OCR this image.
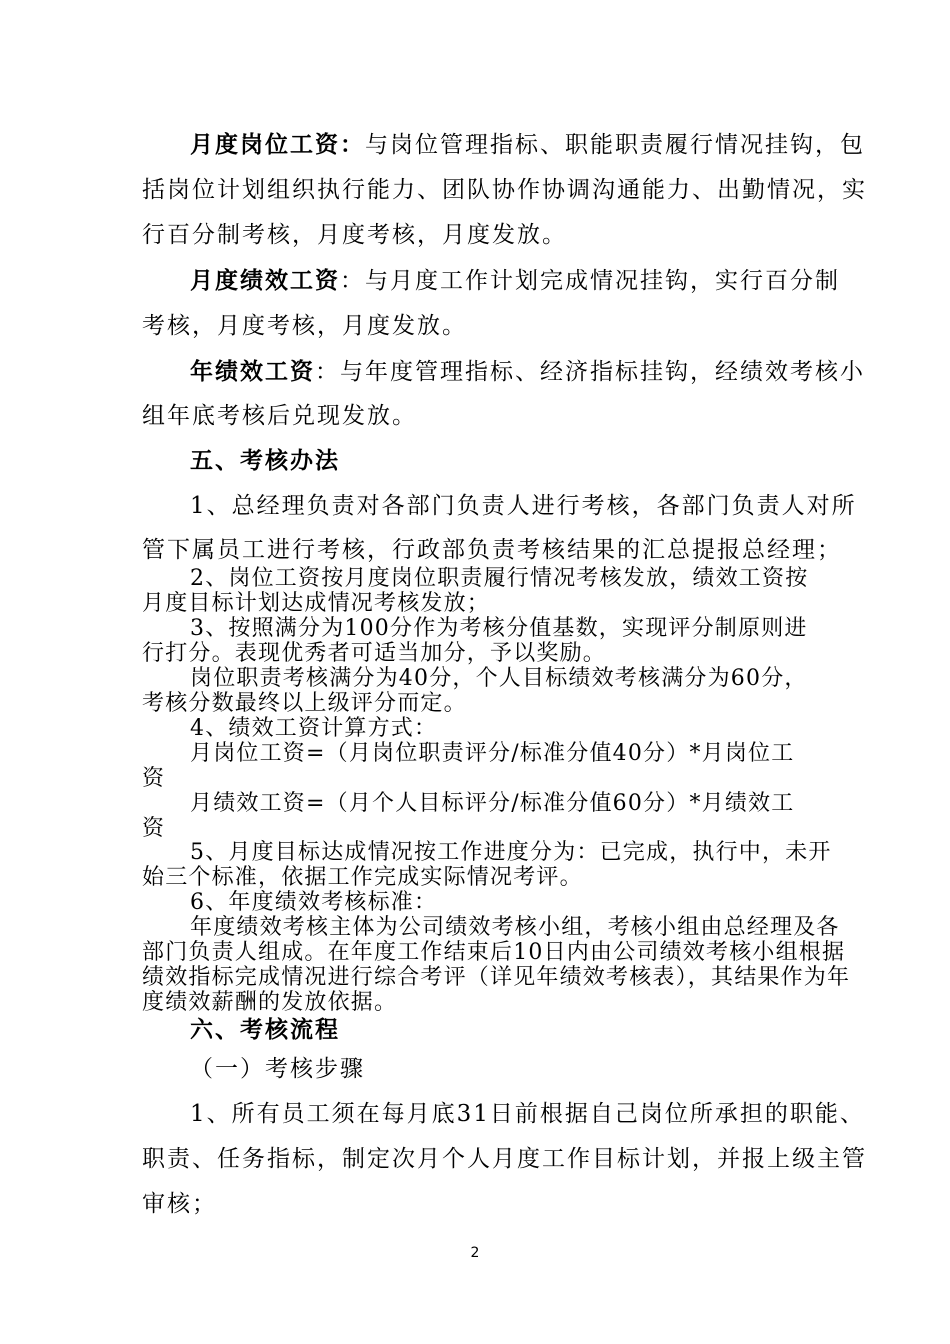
月度岗位工资：与岗位管理指标、职能职责履行情况挂钩，包
括岗位计划组织执行能力、团队协作协调沟通能力、出勤情况，实
行百分制考核，月度考核，月度发放。
月度绩效工资：与月度工作计划完成情况挂钩，实行百分制
考核，月度考核，月度发放。
年绩效工资：与年度管理指标、经济指标挂钩，经绩效考核小
组年底考核后兑现发放。
五、考核办法
1、总经理负责对各部门负责人进行考核，各部门负责人对所
管下属员工进行考核，行政部负责考核结果的汇总提报总经理；
2、岗位工资按月度岗位职责履行情况考核发放，绩效工资按
月度目标计划达成情况考核发放；
3、按照满分为100分作为考核分值基数，实现评分制原则进
行打分。表现优秀者可适当加分，予以奖励。
岗位职责考核满分为40分，个人目标绩效考核满分为60分，
考核分数最终以上级评分而定。
4、绩效工资计算方式：
月岗位工资=（月岗位职责评分/标准分值40分）*月岗位工
资
月绩效工资=（月个人目标评分/标准分值60分）*月绩效工
资
5、月度目标达成情况按工作进度分为：已完成，执行中，未开
始三个标准，依据工作完成实际情况考评。
6、年度绩效考核标准：
年度绩效考核主体为公司绩效考核小组，考核小组由总经理及各
部门负责人组成。在年度工作结束后10日内由公司绩效考核小组根据
绩效指标完成情况进行综合考评（详见年绩效考核表），其结果作为年
度绩效薪酬的发放依据。
六、考核流程
（一）考核步骤
1、所有员工须在每月底31日前根据自己岗位所承担的职能、
职责、任务指标，制定次月个人月度工作目标计划，并报上级主管
审核；
2
